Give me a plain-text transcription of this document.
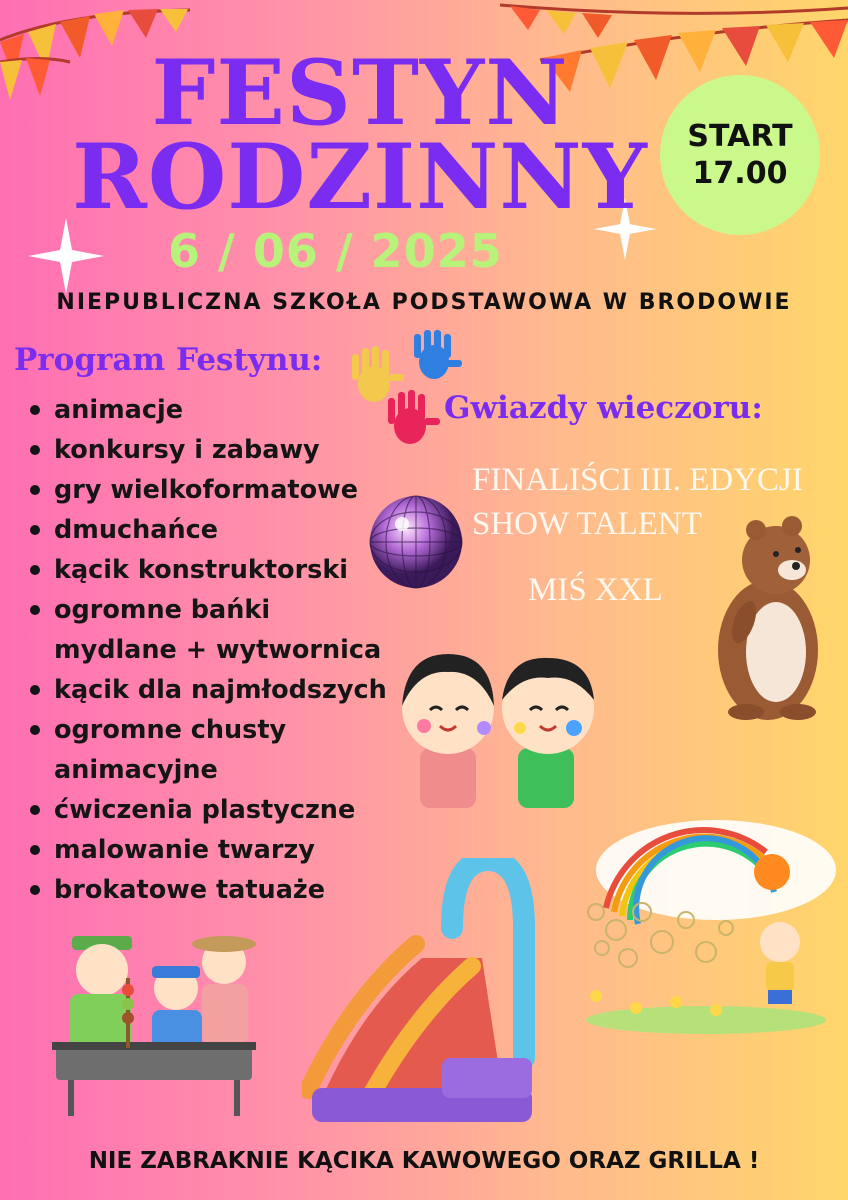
FESTYN
RODZINNY
6 / 06 / 2025
START
17.00
NIEPUBLICZNA SZKOŁA PODSTAWOWA W BRODOWIE
Program Festynu:
animacje
konkursy i zabawy
gry wielkoformatowe
dmuchańce
kącik konstruktorski
ogromne bańki
mydlane + wytwornica
kącik dla najmłodszych
ogromne chusty
animacyjne
ćwiczenia plastyczne
malowanie twarzy
brokatowe tatuaże
Gwiazdy wieczoru:
FINALIŚCI III. EDYCJI
SHOW TALENT
MIŚ XXL
NIE ZABRAKNIE KĄCIKA KAWOWEGO ORAZ GRILLA !
